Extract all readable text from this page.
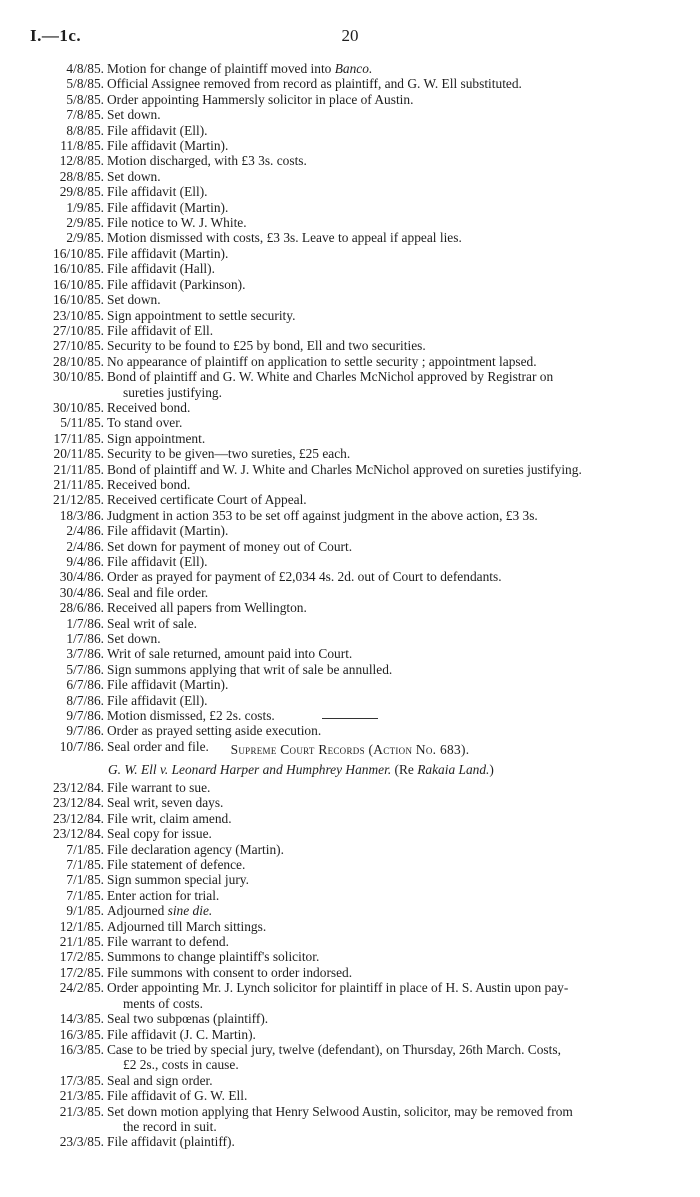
I.—1c.	20
4/8/85. Motion for change of plaintiff moved into Banco.
5/8/85. Official Assignee removed from record as plaintiff, and G. W. Ell substituted.
5/8/85. Order appointing Hammersly solicitor in place of Austin.
7/8/85. Set down.
8/8/85. File affidavit (Ell).
11/8/85. File affidavit (Martin).
12/8/85. Motion discharged, with £3 3s. costs.
28/8/85. Set down.
29/8/85. File affidavit (Ell).
1/9/85. File affidavit (Martin).
2/9/85. File notice to W. J. White.
2/9/85. Motion dismissed with costs, £3 3s. Leave to appeal if appeal lies.
16/10/85. File affidavit (Martin).
16/10/85. File affidavit (Hall).
16/10/85. File affidavit (Parkinson).
16/10/85. Set down.
23/10/85. Sign appointment to settle security.
27/10/85. File affidavit of Ell.
27/10/85. Security to be found to £25 by bond, Ell and two securities.
28/10/85. No appearance of plaintiff on application to settle security ; appointment lapsed.
30/10/85. Bond of plaintiff and G. W. White and Charles McNichol approved by Registrar on
sureties justifying.
30/10/85. Received bond.
5/11/85. To stand over.
17/11/85. Sign appointment.
20/11/85. Security to be given—two sureties, £25 each.
21/11/85. Bond of plaintiff and W. J. White and Charles McNichol approved on sureties justifying.
21/11/85. Received bond.
21/12/85. Received certificate Court of Appeal.
18/3/86. Judgment in action 353 to be set off against judgment in the above action, £3 3s.
2/4/86. File affidavit (Martin).
2/4/86. Set down for payment of money out of Court.
9/4/86. File affidavit (Ell).
30/4/86. Order as prayed for payment of £2,034 4s. 2d. out of Court to defendants.
30/4/86. Seal and file order.
28/6/86. Received all papers from Wellington.
1/7/86. Seal writ of sale.
1/7/86. Set down.
3/7/86. Writ of sale returned, amount paid into Court.
5/7/86. Sign summons applying that writ of sale be annulled.
6/7/86. File affidavit (Martin).
8/7/86. File affidavit (Ell).
9/7/86. Motion dismissed, £2 2s. costs.
9/7/86. Order as prayed setting aside execution.
10/7/86. Seal order and file.	Supreme Court Records (Action No. 683).
G. W. Ell v. Leonard Harper and Humphrey Hanmer. (Re Rakaia Land.)
23/12/84. File warrant to sue.
23/12/84. Seal writ, seven days.
23/12/84. File writ, claim amend.
23/12/84. Seal copy for issue.
7/1/85. File declaration agency (Martin).
7/1/85. File statement of defence.
7/1/85. Sign summon special jury.
7/1/85. Enter action for trial.
9/1/85. Adjourned sine die.
12/1/85. Adjourned till March sittings.
21/1/85. File warrant to defend.
17/2/85. Summons to change plaintiff's solicitor.
17/2/85. File summons with consent to order indorsed.
24/2/85. Order appointing Mr. J. Lynch solicitor for plaintiff in place of H. S. Austin upon pay-
ments of costs.
14/3/85. Seal two subpœnas (plaintiff).
16/3/85. File affidavit (J. C. Martin).
16/3/85. Case to be tried by special jury, twelve (defendant), on Thursday, 26th March. Costs,
£2 2s., costs in cause.
17/3/85. Seal and sign order.
21/3/85. File affidavit of G. W. Ell.
21/3/85. Set down motion applying that Henry Selwood Austin, solicitor, may be removed from
the record in suit.
23/3/85. File affidavit (plaintiff).
